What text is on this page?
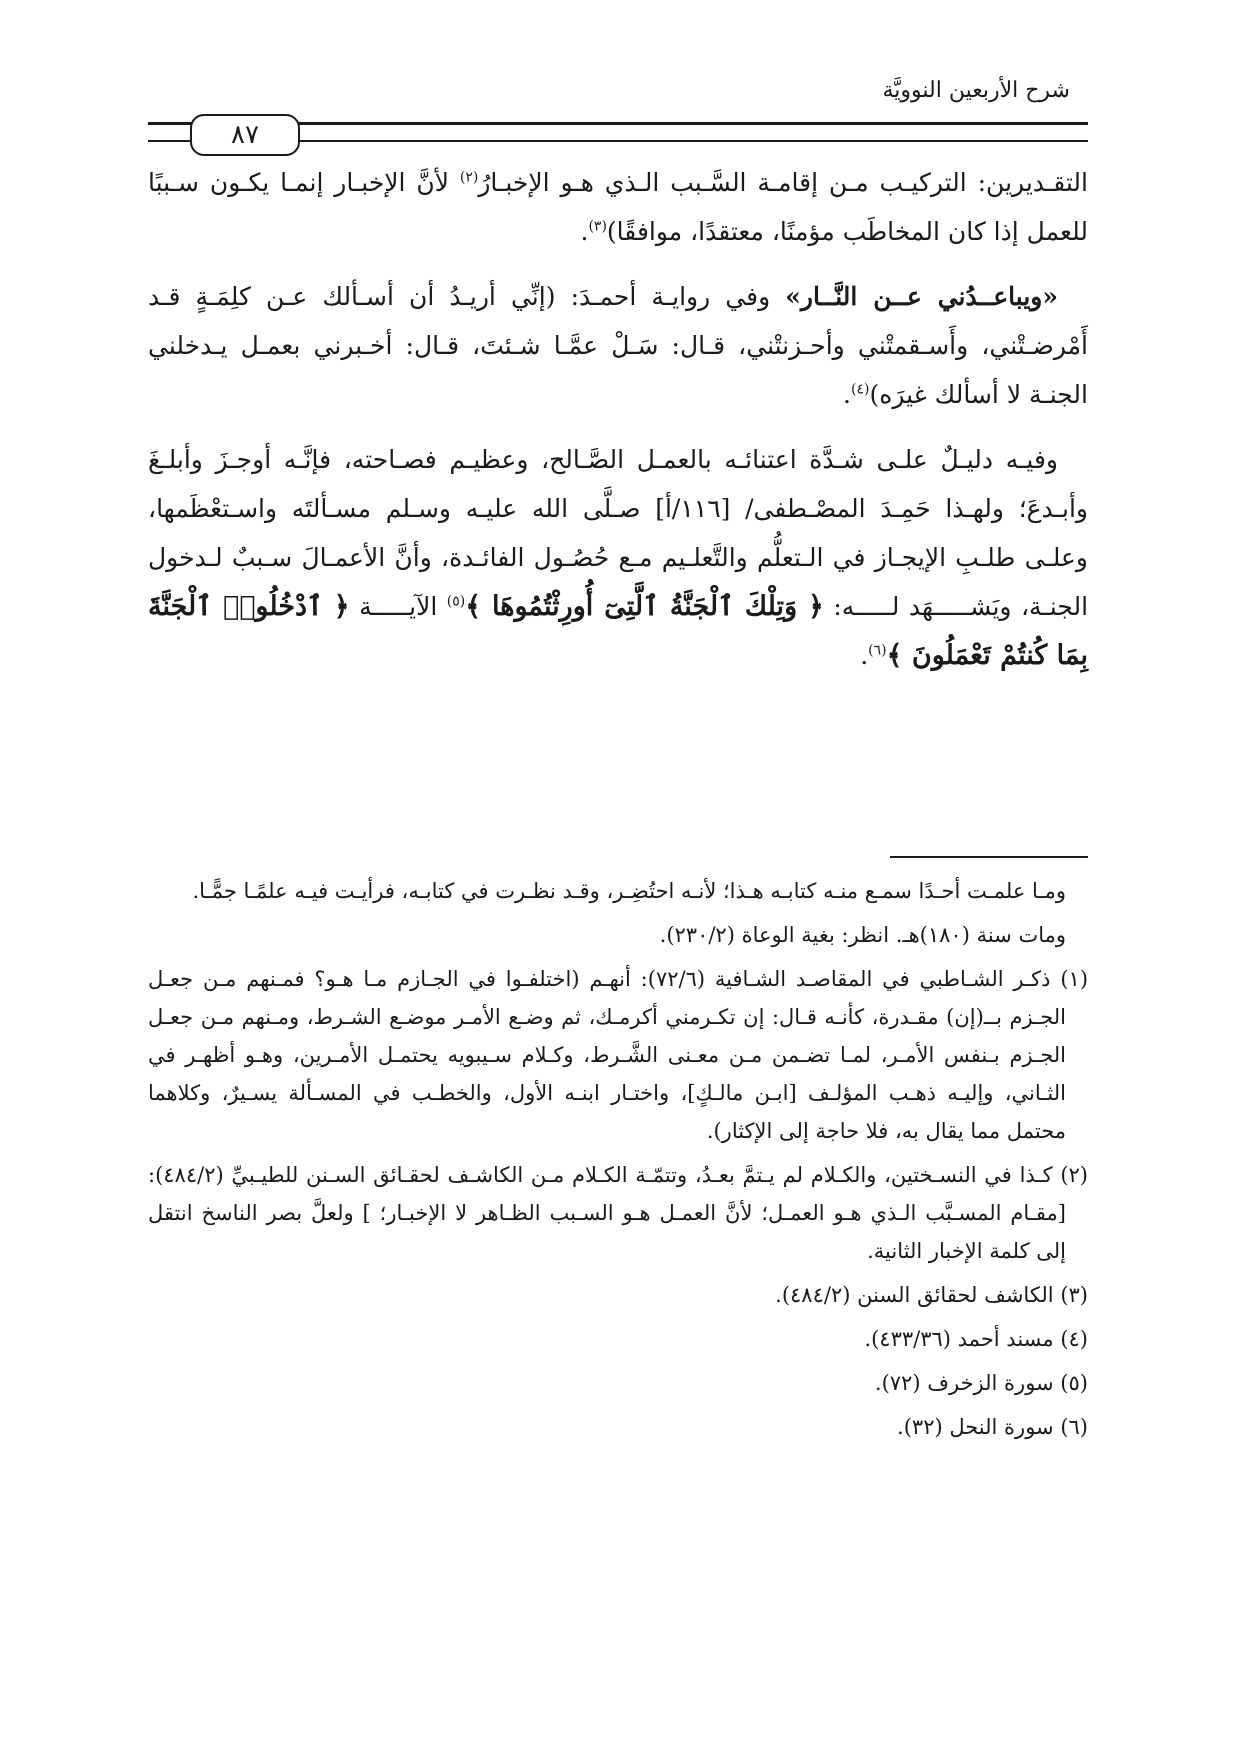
شرح الأربعين النوويَّة
٨٧

التقـديرين: التركيـب مـن إقامـة السَّـبب الـذي هـو الإخبـارُ$^{(٢)}$ لأنَّ الإخبـار إنمـا يكـون سـببًا للعمل إذا كان المخاطَب مؤمنًا، معتقدًا، موافقًا)$^{(٣)}$.

«ويباعــدُني عــن النَّــار» وفي روايـة أحمـدَ: (إنِّي أريـدُ أن أسـألك عـن كلِمَـةٍ قـد أَمْرضـتْني، وأَسـقمتْني وأحـزنتْني، قـال: سَـلْ عمَّـا شـئتَ، قـال: أخـبرني بعمـل يـدخلني الجنـة لا أسألك غيرَه)$^{(٤)}$.

وفيـه دليـلٌ علـى شـدَّة اعتنائـه بالعمـل الصَّـالح، وعظيـم فصـاحته، فإنَّـه أوجـزَ وأبلـغَ وأبـدعَ؛ ولهـذا حَمِـدَ المصْـطفى/ [١١٦/أ] صـلَّى الله عليـه وسـلم مسـألتَه واسـتعْظَمها، وعلـى طلـبِ الإيجـاز في الـتعلُّم والتَّعلـيم مـع حُصُـول الفائـدة، وأنَّ الأعمـالَ سـببٌ لـدخول الجنـة، ويَشـــــهَد لـــــه: ﴿ وَتِلْكَ ٱلْجَنَّةُ ٱلَّتِىٓ أُورِثْتُمُوهَا ﴾$^{(٥)}$ الآيـــــة ﴿ ٱدْخُلُوا۟ ٱلْجَنَّةَ بِمَا كُنتُمْ تَعْمَلُونَ ﴾$^{(٦)}$.

ومـا علمـت أحـدًا سمـع منـه كتابـه هـذا؛ لأنـه احتُضِـر، وقـد نظـرت في كتابـه، فرأيـت فيـه علمًـا جمًّـا.

ومات سنة (١٨٠)هـ. انظر: بغية الوعاة (٢٣٠/٢).

(١) ذكـر الشـاطبي في المقاصـد الشـافية (٧٢/٦): أنهـم (اختلفـوا في الجـازم مـا هـو؟ فمـنهم مـن جعـل الجـزم بــ(إن) مقـدرة، كأنـه قـال: إن تكـرمني أكرمـك، ثم وضـع الأمـر موضـع الشـرط، ومـنهم مـن جعـل الجـزم بـنفس الأمـر، لمـا تضـمن مـن معـنى الشَّـرط، وكـلام سـيبويه يحتمـل الأمـرين، وهـو أظهـر في الثـاني، وإليـه ذهـب المؤلـف [ابـن مالـكٍ]، واختـار ابنـه الأول، والخطـب في المسـألة يسـيرٌ، وكلاهما محتمل مما يقال به، فلا حاجة إلى الإكثار).

(٢) كـذا في النسـختين، والكـلام لم يـتمَّ بعـدُ، وتتمّـة الكـلام مـن الكاشـف لحقـائق السـنن للطيـبيِّ (٤٨٤/٢): [مقـام المسـبَّب الـذي هـو العمـل؛ لأنَّ العمـل هـو السـبب الظـاهر لا الإخبـار؛ ] ولعلَّ بصر الناسخ انتقل إلى كلمة الإخبار الثانية.

(٣) الكاشف لحقائق السنن (٤٨٤/٢).

(٤) مسند أحمد (٤٣٣/٣٦).

(٥) سورة الزخرف (٧٢).

(٦) سورة النحل (٣٢).
